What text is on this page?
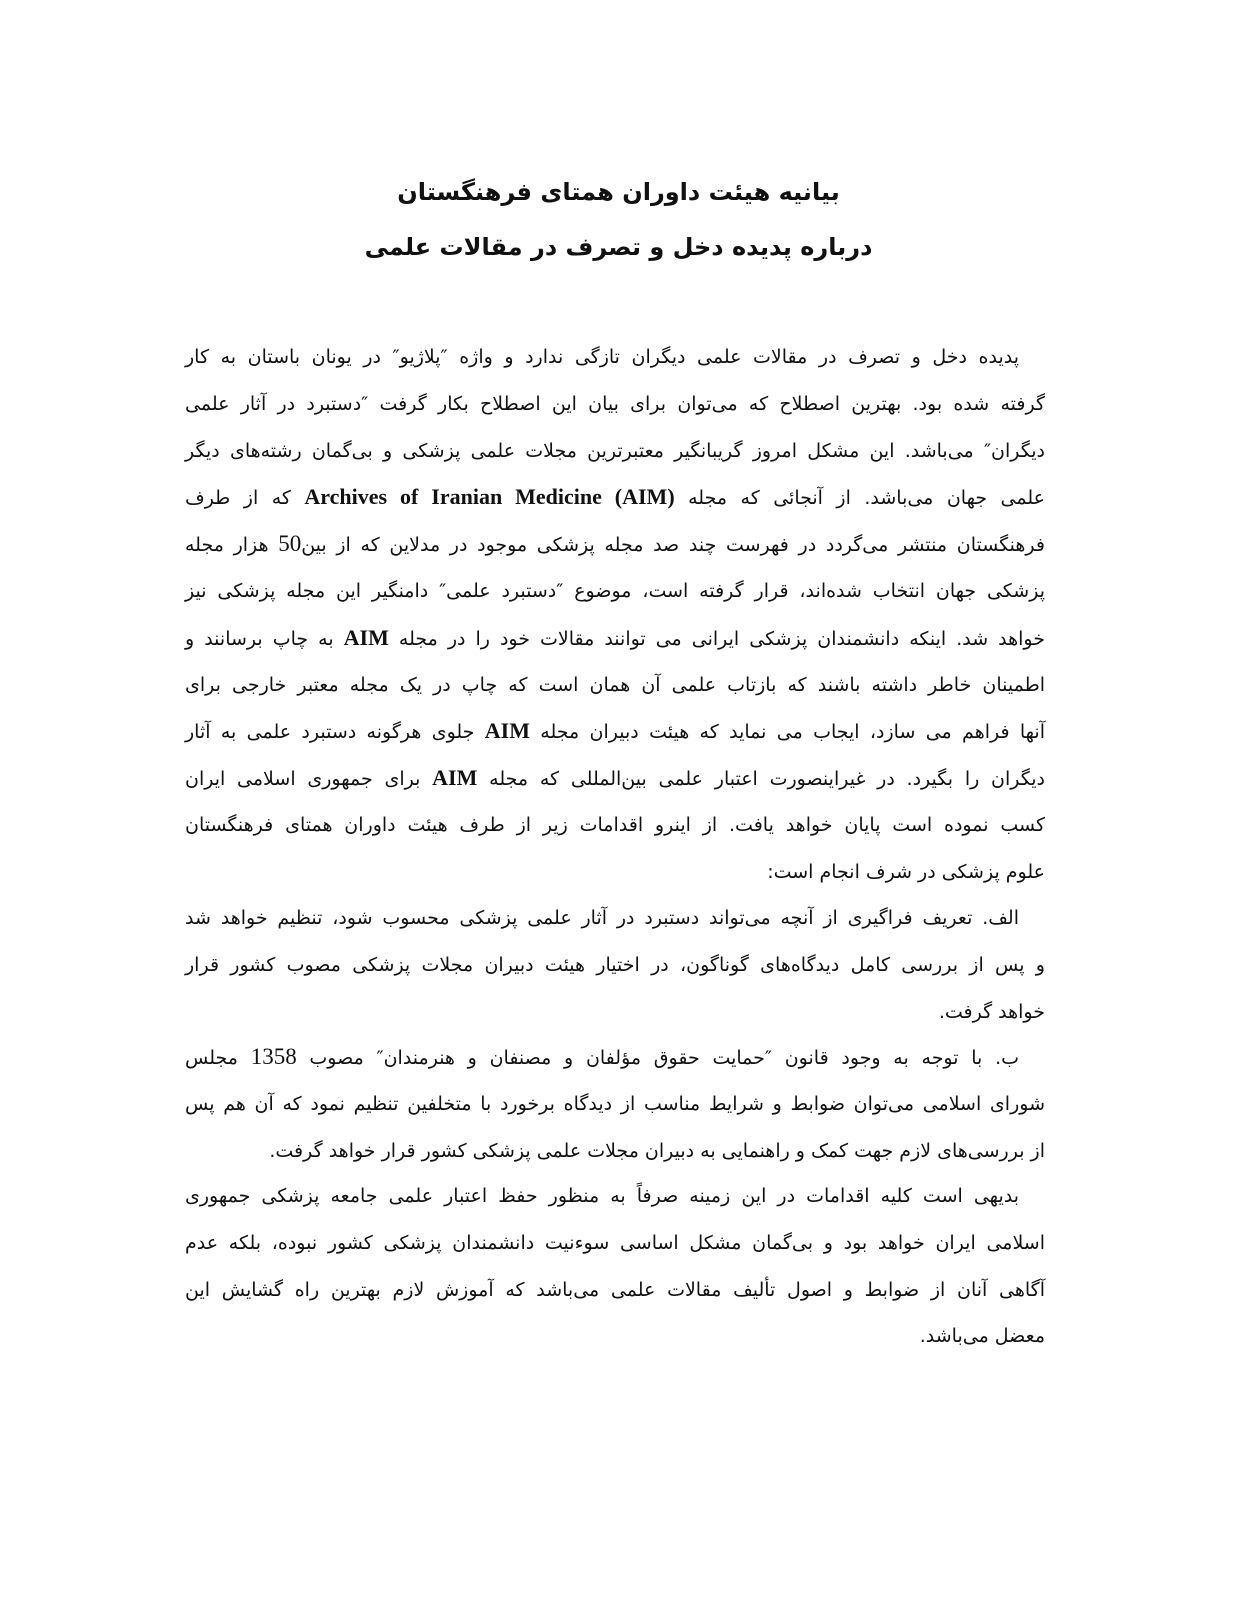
بیانیه هیئت داوران همتای فرهنگستان
درباره پدیده دخل و تصرف در مقالات علمی
پدیده دخل و تصرف در مقالات علمی دیگران تازگی ندارد و واژه ″پلاژیو″ در یونان باستان به کار
گرفته شده بود. بهترین اصطلاح که می‌توان برای بیان این اصطلاح بکار گرفت ″دستبرد در آثار علمی
دیگران″ می‌باشد. این مشکل امروز گریبانگیر معتبرترین مجلات علمی پزشکی و بی‌گمان رشته‌های دیگر
علمی جهان می‌باشد. از آنجائی که مجله Archives of Iranian Medicine (AIM) که از طرف
فرهنگستان منتشر می‌گردد در فهرست چند صد مجله پزشکی موجود در مدلاین که از بین50 هزار مجله
پزشکی جهان انتخاب شده‌اند، قرار گرفته است، موضوع ″دستبرد علمی″ دامنگیر این مجله پزشکی نیز
خواهد شد. اینکه دانشمندان پزشکی ایرانی می توانند مقالات خود را در مجله AIM به چاپ برسانند و
اطمینان خاطر داشته باشند که بازتاب علمی آن همان است که چاپ در یک مجله معتبر خارجی برای
آنها فراهم می سازد، ایجاب می نماید که هیئت دبیران مجله AIM جلوی هرگونه دستبرد علمی به آثار
دیگران را بگیرد. در غیراینصورت اعتبار علمی بین‌المللی که مجله AIM برای جمهوری اسلامی ایران
کسب نموده است پایان خواهد یافت. از اینرو اقدامات زیر از طرف هیئت داوران همتای فرهنگستان
علوم پزشکی در شرف انجام است:
الف. تعریف فراگیری از آنچه می‌تواند دستبرد در آثار علمی پزشکی محسوب شود، تنظیم خواهد شد
و پس از بررسی کامل دیدگاه‌های گوناگون، در اختیار هیئت دبیران مجلات پزشکی مصوب کشور قرار
خواهد گرفت.
ب. با توجه به وجود قانون ″حمایت حقوق مؤلفان و مصنفان و هنرمندان″ مصوب 1358 مجلس
شورای اسلامی می‌توان ضوابط و شرایط مناسب از دیدگاه برخورد با متخلفین تنظیم نمود که آن هم پس
از بررسی‌های لازم جهت کمک و راهنمایی به دبیران مجلات علمی پزشکی کشور قرار خواهد گرفت.
بدیهی است کلیه اقدامات در این زمینه صرفاً به منظور حفظ اعتبار علمی جامعه پزشکی جمهوری
اسلامی ایران خواهد بود و بی‌گمان مشکل اساسی سوءنیت دانشمندان پزشکی کشور نبوده، بلکه عدم
آگاهی آنان از ضوابط و اصول تألیف مقالات علمی می‌باشد که آموزش لازم بهترین راه گشایش این
معضل می‌باشد.
